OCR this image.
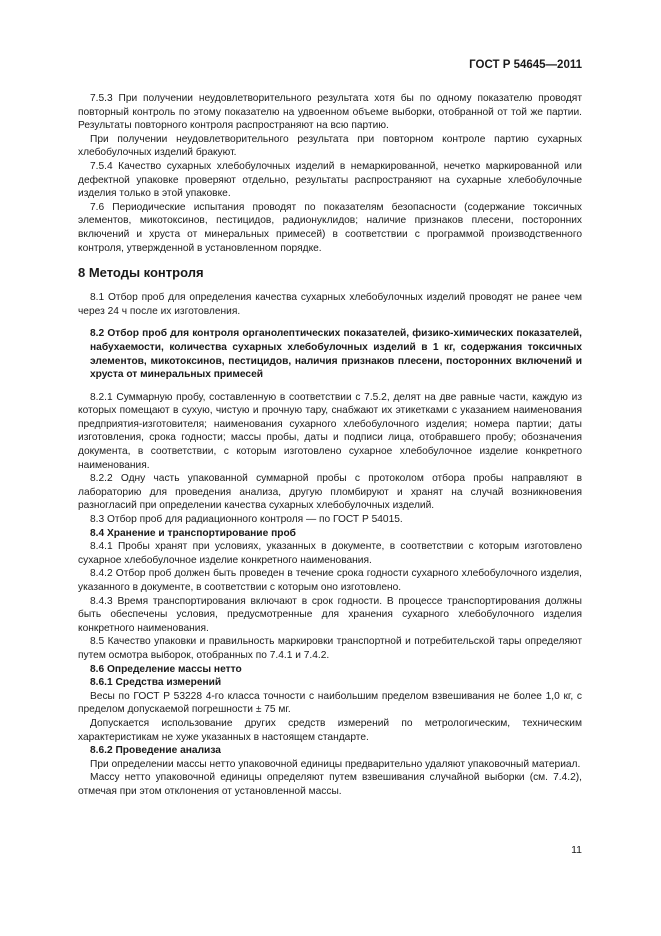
ГОСТ Р 54645—2011

7.5.3 При получении неудовлетворительного результата хотя бы по одному показателю проводят повторный контроль по этому показателю на удвоенном объеме выборки, отобранной от той же партии. Результаты повторного контроля распространяют на всю партию.

При получении неудовлетворительного результата при повторном контроле партию сухарных хлебобулочных изделий бракуют.

7.5.4 Качество сухарных хлебобулочных изделий в немаркированной, нечетко маркированной или дефектной упаковке проверяют отдельно, результаты распространяют на сухарные хлебобулочные изделия только в этой упаковке.

7.6 Периодические испытания проводят по показателям безопасности (содержание токсичных элементов, микотоксинов, пестицидов, радионуклидов; наличие признаков плесени, посторонних включений и хруста от минеральных примесей) в соответствии с программой производственного контроля, утвержденной в установленном порядке.

8 Методы контроля

8.1 Отбор проб для определения качества сухарных хлебобулочных изделий проводят не ранее чем через 24 ч после их изготовления.

8.2 Отбор проб для контроля органолептических показателей, физико-химических показателей, набухаемости, количества сухарных хлебобулочных изделий в 1 кг, содержания токсичных элементов, микотоксинов, пестицидов, наличия признаков плесени, посторонних включений и хруста от минеральных примесей

8.2.1 Суммарную пробу, составленную в соответствии с 7.5.2, делят на две равные части, каждую из которых помещают в сухую, чистую и прочную тару, снабжают их этикетками с указанием наименования предприятия-изготовителя; наименования сухарного хлебобулочного изделия; номера партии; даты изготовления, срока годности; массы пробы, даты и подписи лица, отобравшего пробу; обозначения документа, в соответствии, с которым изготовлено сухарное хлебобулочное изделие конкретного наименования.

8.2.2 Одну часть упакованной суммарной пробы с протоколом отбора пробы направляют в лабораторию для проведения анализа, другую пломбируют и хранят на случай возникновения разногласий при определении качества сухарных хлебобулочных изделий.

8.3 Отбор проб для радиационного контроля — по ГОСТ Р 54015.

8.4 Хранение и транспортирование проб

8.4.1 Пробы хранят при условиях, указанных в документе, в соответствии с которым изготовлено сухарное хлебобулочное изделие конкретного наименования.

8.4.2 Отбор проб должен быть проведен в течение срока годности сухарного хлебобулочного изделия, указанного в документе, в соответствии с которым оно изготовлено.

8.4.3 Время транспортирования включают в срок годности. В процессе транспортирования должны быть обеспечены условия, предусмотренные для хранения сухарного хлебобулочного изделия конкретного наименования.

8.5 Качество упаковки и правильность маркировки транспортной и потребительской тары определяют путем осмотра выборок, отобранных по 7.4.1 и 7.4.2.

8.6 Определение массы нетто

8.6.1 Средства измерений

Весы по ГОСТ Р 53228 4-го класса точности с наибольшим пределом взвешивания не более 1,0 кг, с пределом допускаемой погрешности ± 75 мг.

Допускается использование других средств измерений по метрологическим, техническим характеристикам не хуже указанных в настоящем стандарте.

8.6.2 Проведение анализа

При определении массы нетто упаковочной единицы предварительно удаляют упаковочный материал.

Массу нетто упаковочной единицы определяют путем взвешивания случайной выборки (см. 7.4.2), отмечая при этом отклонения от установленной массы.

11
